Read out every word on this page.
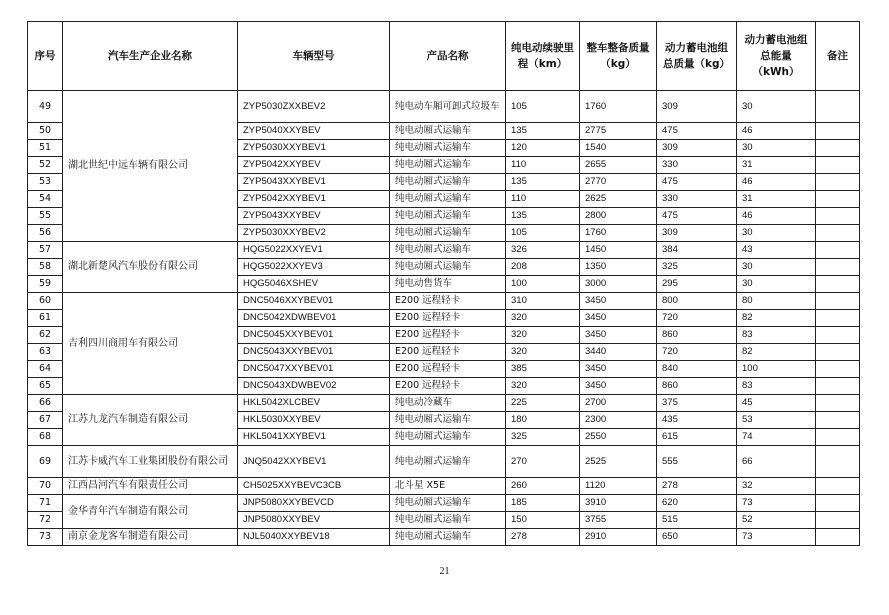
序号	汽车生产企业名称	车辆型号	产品名称	纯电动续驶里程（km）	整车整备质量（kg）	动力蓄电池组总质量（kg）	动力蓄电池组总能量（kWh）	备注
49	湖北世纪中远车辆有限公司	ZYP5030ZXXBEV2	纯电动车厢可卸式垃圾车	105	1760	309	30	
50		ZYP5040XXYBEV	纯电动厢式运输车	135	2775	475	46	
51		ZYP5030XXYBEV1	纯电动厢式运输车	120	1540	309	30	
52		ZYP5042XXYBEV	纯电动厢式运输车	110	2655	330	31	
53		ZYP5043XXYBEV1	纯电动厢式运输车	135	2770	475	46	
54		ZYP5042XXYBEV1	纯电动厢式运输车	110	2625	330	31	
55		ZYP5043XXYBEV	纯电动厢式运输车	135	2800	475	46	
56		ZYP5030XXYBEV2	纯电动厢式运输车	105	1760	309	30	
57	湖北新楚风汽车股份有限公司	HQG5022XXYEV1	纯电动厢式运输车	326	1450	384	43	
58		HQG5022XXYEV3	纯电动厢式运输车	208	1350	325	30	
59		HQG5046XSHEV	纯电动售货车	100	3000	295	30	
60	吉利四川商用车有限公司	DNC5046XXYBEV01	E200 远程轻卡	310	3450	800	80	
61		DNC5042XDWBEV01	E200 远程轻卡	320	3450	720	82	
62		DNC5045XXYBEV01	E200 远程轻卡	320	3450	860	83	
63		DNC5043XXYBEV01	E200 远程轻卡	320	3440	720	82	
64		DNC5047XXYBEV01	E200 远程轻卡	385	3450	840	100	
65		DNC5043XDWBEV02	E200 远程轻卡	320	3450	860	83	
66	江苏九龙汽车制造有限公司	HKL5042XLCBEV	纯电动冷藏车	225	2700	375	45	
67		HKL5030XXYBEV	纯电动厢式运输车	180	2300	435	53	
68		HKL5041XXYBEV1	纯电动厢式运输车	325	2550	615	74	
69	江苏卡威汽车工业集团股份有限公司	JNQ5042XXYBEV1	纯电动厢式运输车	270	2525	555	66	
70	江西昌河汽车有限责任公司	CH5025XXYBEVC3CB	北斗星 X5E	260	1120	278	32	
71	金华青年汽车制造有限公司	JNP5080XXYBEVCD	纯电动厢式运输车	185	3910	620	73	
72		JNP5080XXYBEV	纯电动厢式运输车	150	3755	515	52	
73	南京金龙客车制造有限公司	NJL5040XXYBEV18	纯电动厢式运输车	278	2910	650	73	
21
